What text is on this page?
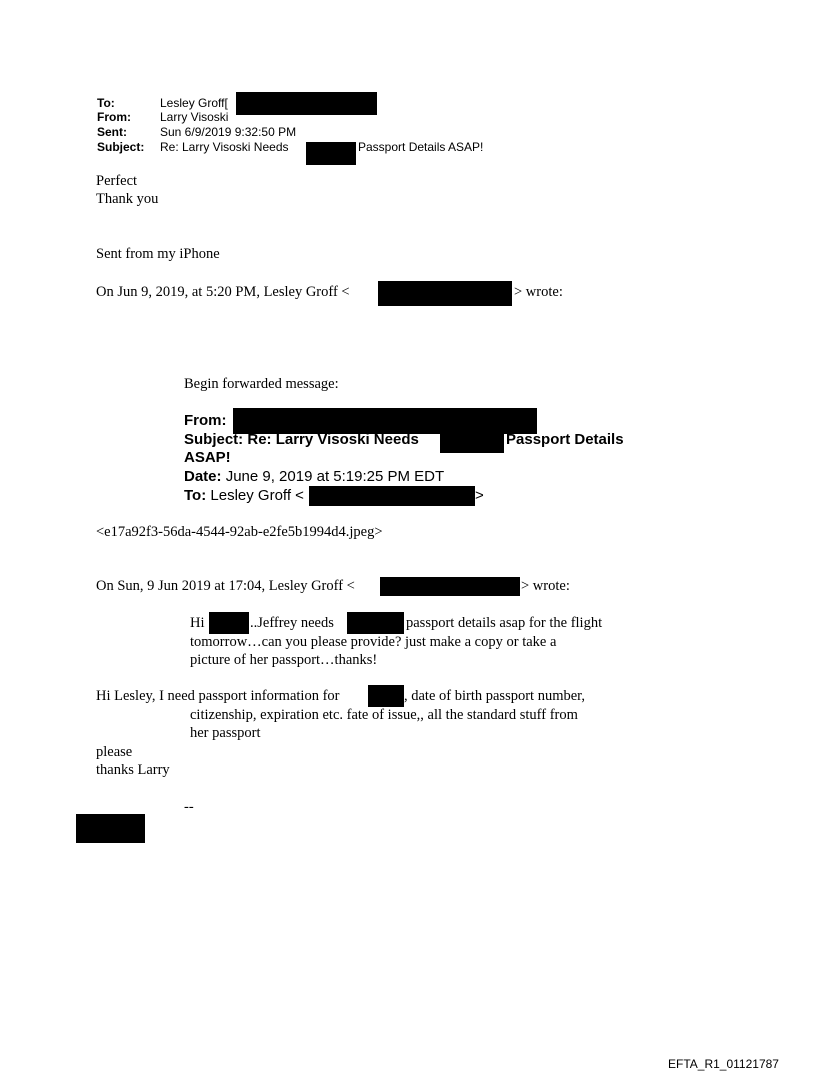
To:	Lesley Groff[
From: Larry Visoski
Sent:	Sun 6/9/2019 9:32:50 PM
Subject: Re: Larry Visoski Needs	Passport Details ASAP!
Perfect
Thank you
Sent from my iPhone
On Jun 9, 2019, at 5:20 PM, Lesley Groff <	> wrote:
Begin forwarded message:
From:
Subject: Re: Larry Visoski Needs	Passport Details
ASAP!
Date: June 9, 2019 at 5:19:25 PM EDT
To: Lesley Groff <	>
<e17a92f3-56da-4544-92ab-e2fe5b1994d4.jpeg>
On Sun, 9 Jun 2019 at 17:04, Lesley Groff <	> wrote:
Hi	..Jeffrey needs	passport details asap for the flight
tomorrow…can you please provide? just make a copy or take a
picture of her passport…thanks!
Hi Lesley, I need passport information for	, date of birth passport number,
citizenship, expiration etc. fate of issue,, all the standard stuff from
her passport
please
thanks Larry
--
EFTA_R1_01121787
